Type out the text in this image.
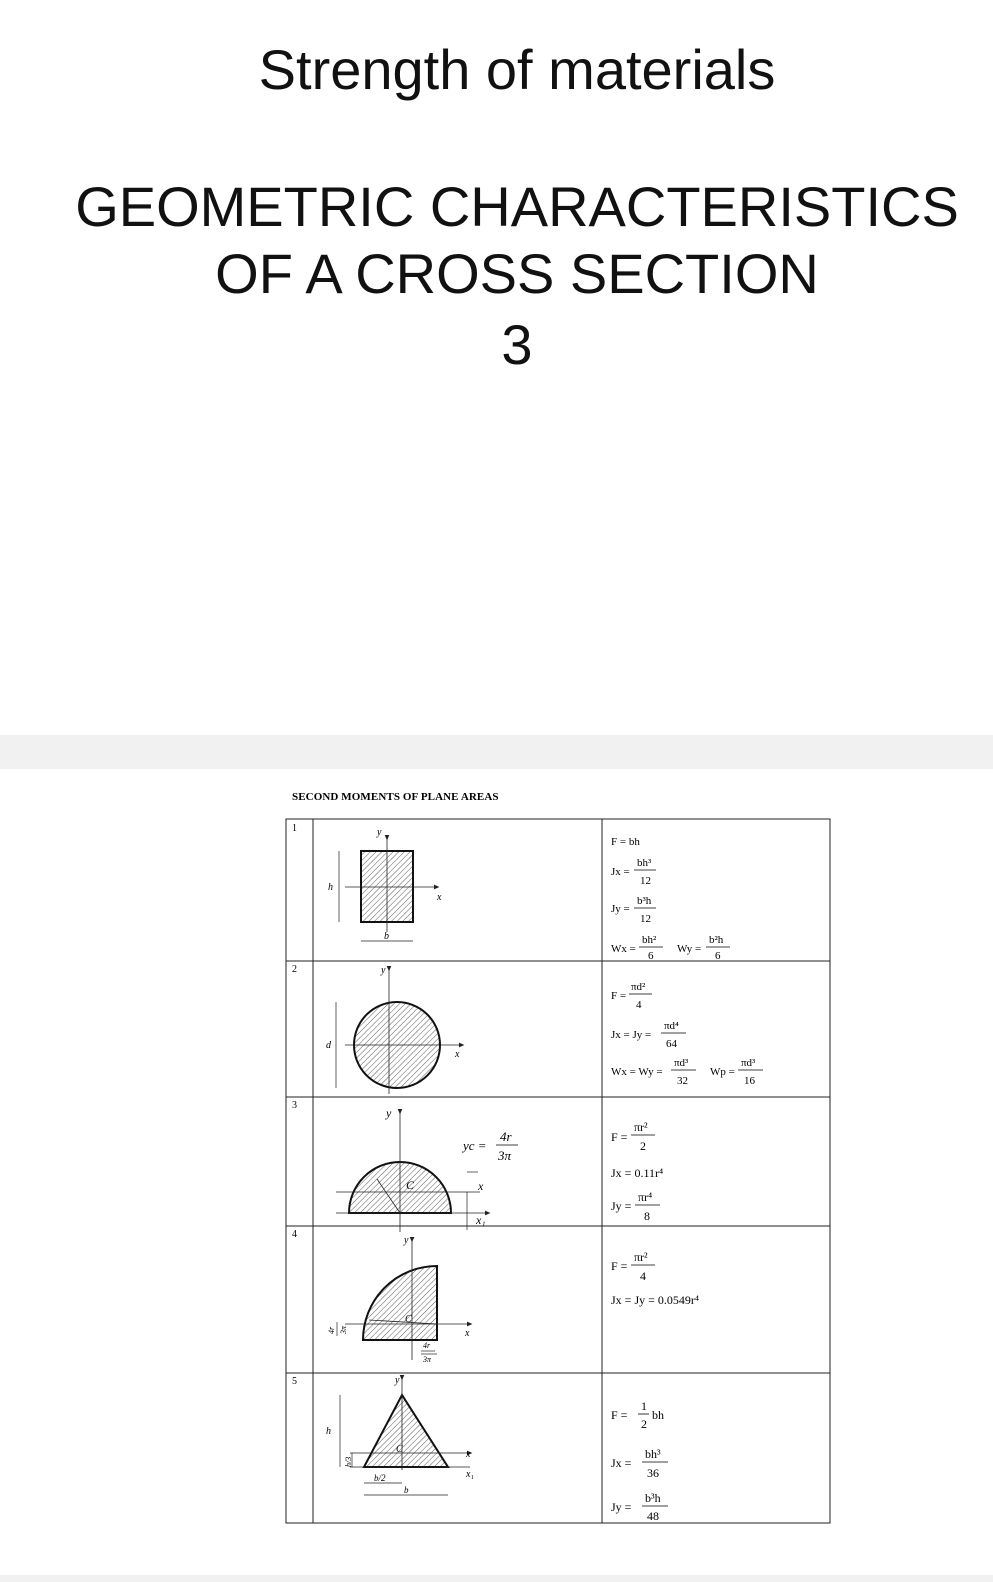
Strength of materials
GEOMETRIC CHARACTERISTICS
OF A CROSS SECTION
3
SECOND MOMENTS OF PLANE AREAS
1
2
3
4
5
y
x
h
b
F = bh
Jx =
bh³
12
Jy =
b³h
12
Wx =
bh²
6
Wy =
b²h
6
y
x
d
F =
πd²
4
Jx = Jy =
πd⁴
64
Wx = Wy =
πd³
32
Wp =
πd³
16
y
x
x₁
C
yc =
4r
3π
F =
πr²
2
Jx = 0.11r⁴
Jy =
πr⁴
8
y
x
C
4r
3π
4r 3π
F =
πr²
4
Jx = Jy = 0.0549r⁴
y
x
x₁
C
h
h/3
b/2
b
F =
1
2
bh
Jx =
bh³
36
Jy =
b³h
48
